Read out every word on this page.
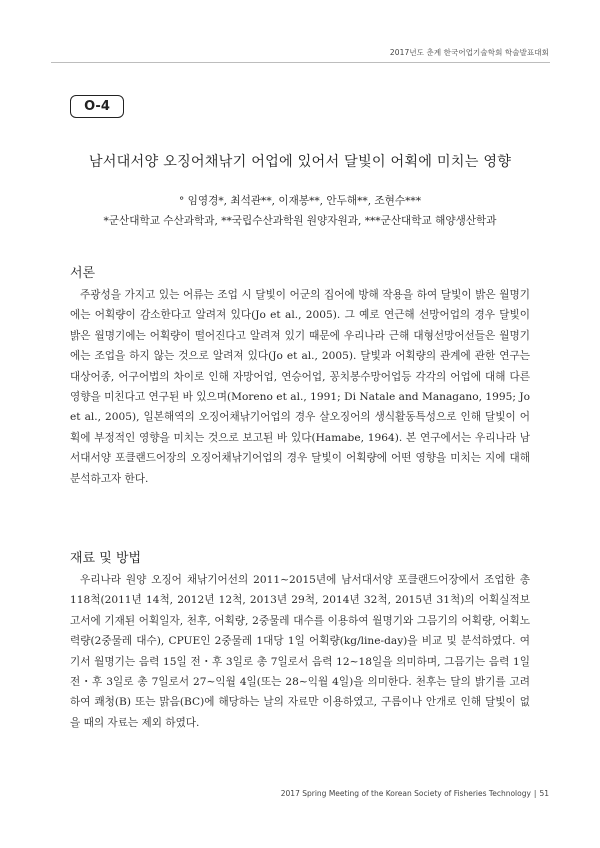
2017년도 춘계 한국어업기술학회 학술발표대회
O-4
남서대서양 오징어채낚기 어업에 있어서 달빛이 어획에 미치는 영향
° 임영경*, 최석관**, 이재봉**, 안두해**, 조현수***
*군산대학교 수산과학과, **국립수산과학원 원양자원과, ***군산대학교 해양생산학과
서론

주광성을 가지고 있는 어류는 조업 시 달빛이 어군의 집어에 방해 작용을 하여 달빛이 밝은 월명기에는 어획량이 감소한다고 알려져 있다(Jo et al., 2005). 그 예로 연근해 선망어업의 경우 달빛이 밝은 월명기에는 어획량이 떨어진다고 알려져 있기 때문에 우리나라 근해 대형선망어선들은 월명기에는 조업을 하지 않는 것으로 알려져 있다(Jo et al., 2005). 달빛과 어획량의 관계에 관한 연구는 대상어종, 어구어법의 차이로 인해 자망어업, 연승어업, 꽁치봉수망어업등 각각의 어업에 대해 다른 영향을 미친다고 연구된 바 있으며(Moreno et al., 1991; Di Natale and Managano, 1995; Jo et al., 2005), 일본해역의 오징어채낚기어업의 경우 살오징어의 생식활동특성으로 인해 달빛이 어획에 부정적인 영향을 미치는 것으로 보고된 바 있다(Hamabe, 1964). 본 연구에서는 우리나라 남서대서양 포클랜드어장의 오징어채낚기어업의 경우 달빛이 어획량에 어떤 영향을 미치는 지에 대해 분석하고자 한다.

재료 및 방법

우리나라 원양 오징어 채낚기어선의 2011∼2015년에 남서대서양 포클랜드어장에서 조업한 총 118척(2011년 14척, 2012년 12척, 2013년 29척, 2014년 32척, 2015년 31척)의 어획실적보고서에 기재된 어획일자, 천후, 어획량, 2중물레 대수를 이용하여 월명기와 그믐기의 어획량, 어획노력량(2중물레 대수), CPUE인 2중물레 1대당 1일 어획량(kg/line-day)을 비교 및 분석하였다. 여기서 월명기는 음력 15일 전・후 3일로 총 7일로서 음력 12∼18일을 의미하며, 그믐기는 음력 1일 전・후 3일로 총 7일로서 27∼익월 4일(또는 28∼익월 4일)을 의미한다. 천후는 달의 밝기를 고려하여 쾌청(B) 또는 맑음(BC)에 해당하는 날의 자료만 이용하였고, 구름이나 안개로 인해 달빛이 없을 때의 자료는 제외 하였다.

2017 Spring Meeting of the Korean Society of Fisheries Technology | 51
